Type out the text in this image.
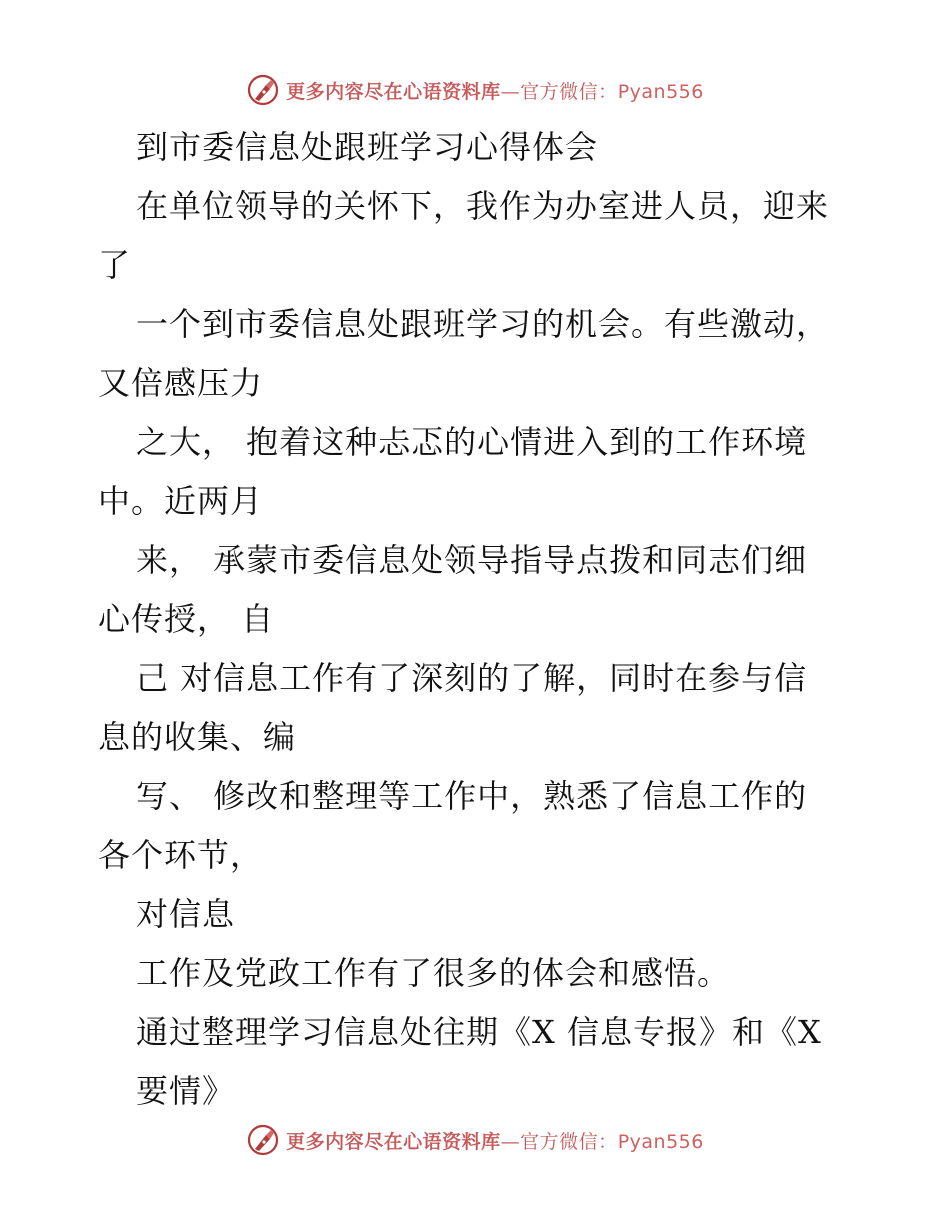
更多内容尽在心语资料库—官方微信：Pyan556
到市委信息处跟班学习心得体会
在单位领导的关怀下，我作为办室进人员，迎来
了
一个到市委信息处跟班学习的机会。有些激动，
又倍感压力
之大， 抱着这种忐忑的心情进入到的工作环境
中。近两月
来， 承蒙市委信息处领导指导点拨和同志们细
心传授， 自
己 对信息工作有了深刻的了解，同时在参与信
息的收集、编
写、 修改和整理等工作中，熟悉了信息工作的
各个环节，
对信息
工作及党政工作有了很多的体会和感悟。
通过整理学习信息处往期《X 信息专报》和《X
要情》
更多内容尽在心语资料库—官方微信：Pyan556
